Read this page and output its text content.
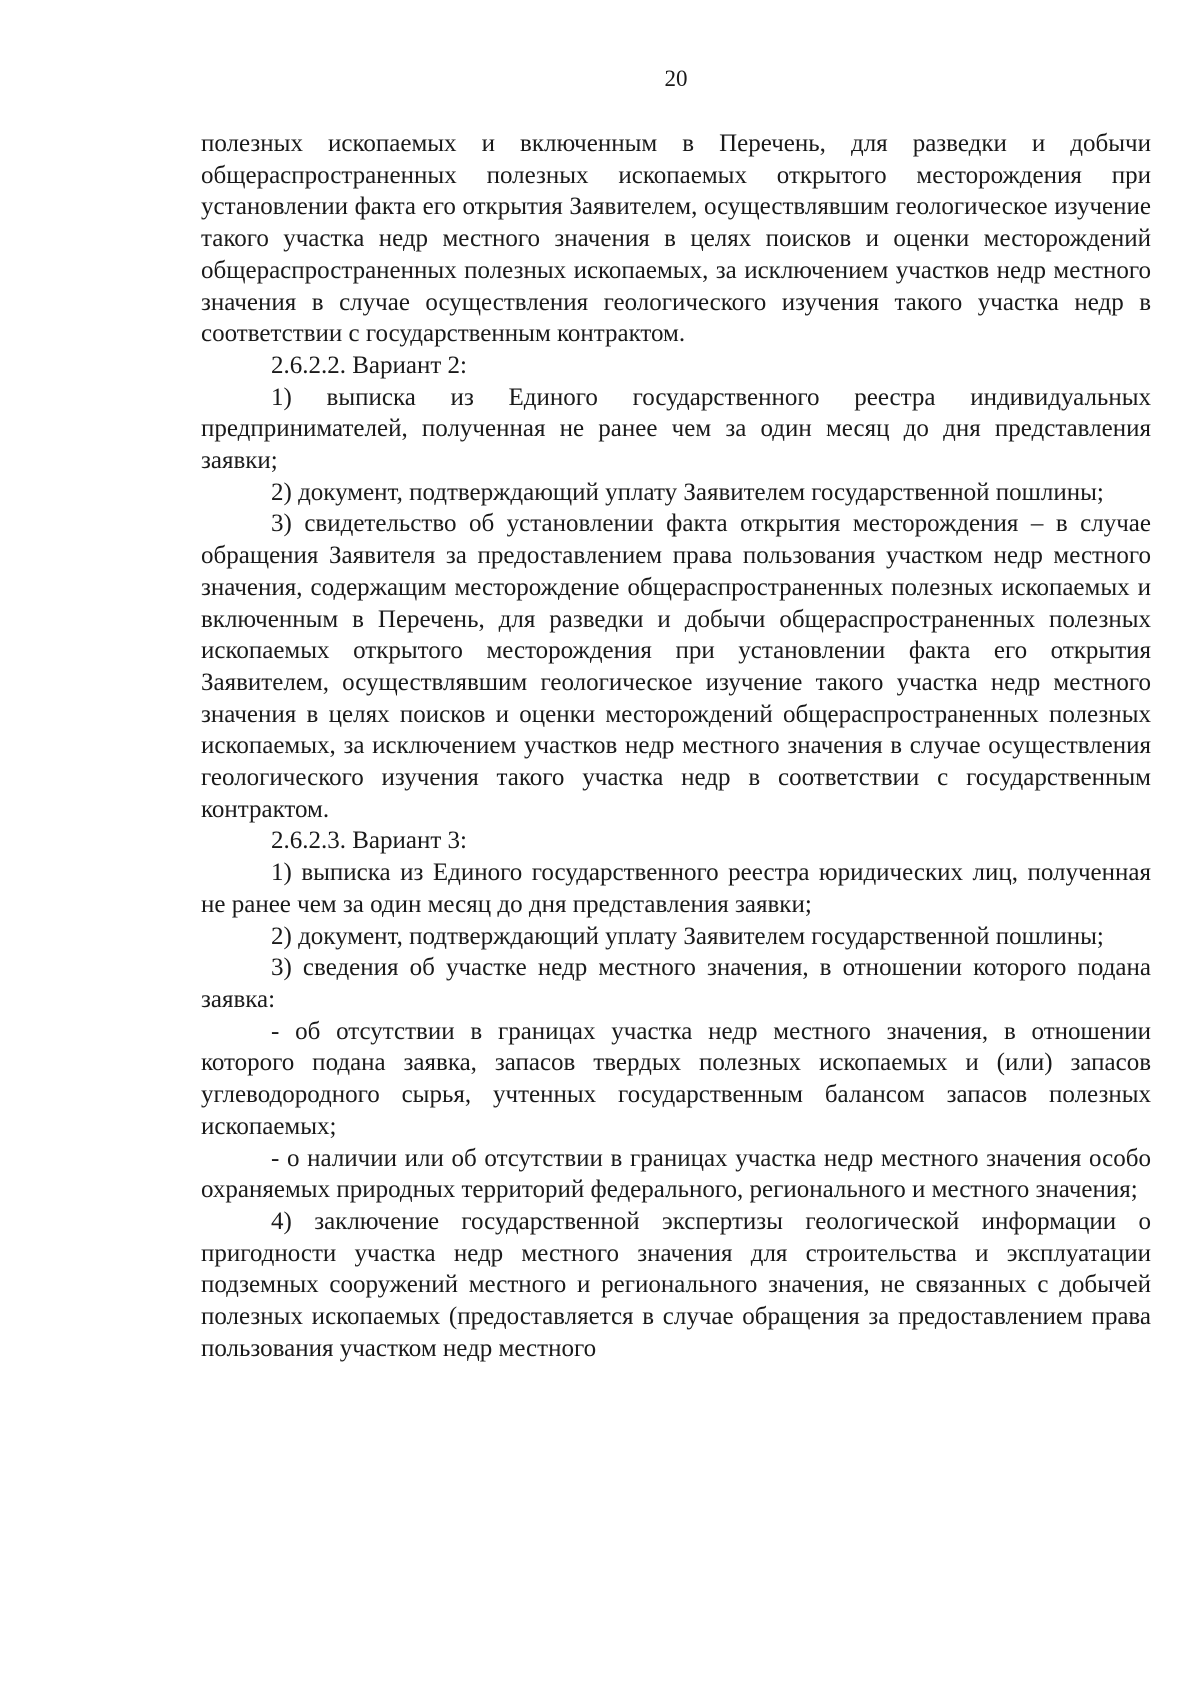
20

полезных ископаемых и включенным в Перечень, для разведки и добычи общераспространенных полезных ископаемых открытого месторождения при установлении факта его открытия Заявителем, осуществлявшим геологическое изучение такого участка недр местного значения в целях поисков и оценки месторождений общераспространенных полезных ископаемых, за исключением участков недр местного значения в случае осуществления геологического изучения такого участка недр в соответствии с государственным контрактом.

2.6.2.2. Вариант 2:

1) выписка из Единого государственного реестра индивидуальных предпринимателей, полученная не ранее чем за один месяц до дня представления заявки;

2) документ, подтверждающий уплату Заявителем государственной пошлины;

3) свидетельство об установлении факта открытия месторождения – в случае обращения Заявителя за предоставлением права пользования участком недр местного значения, содержащим месторождение общераспространенных полезных ископаемых и включенным в Перечень, для разведки и добычи общераспространенных полезных ископаемых открытого месторождения при установлении факта его открытия Заявителем, осуществлявшим геологическое изучение такого участка недр местного значения в целях поисков и оценки месторождений общераспространенных полезных ископаемых, за исключением участков недр местного значения в случае осуществления геологического изучения такого участка недр в соответствии с государственным контрактом.

2.6.2.3. Вариант 3:

1) выписка из Единого государственного реестра юридических лиц, полученная не ранее чем за один месяц до дня представления заявки;

2) документ, подтверждающий уплату Заявителем государственной пошлины;

3) сведения об участке недр местного значения, в отношении которого подана заявка:

- об отсутствии в границах участка недр местного значения, в отношении которого подана заявка, запасов твердых полезных ископаемых и (или) запасов углеводородного сырья, учтенных государственным балансом запасов полезных ископаемых;

- о наличии или об отсутствии в границах участка недр местного значения особо охраняемых природных территорий федерального, регионального и местного значения;

4) заключение государственной экспертизы геологической информации о пригодности участка недр местного значения для строительства и эксплуатации подземных сооружений местного и регионального значения, не связанных с добычей полезных ископаемых (предоставляется в случае обращения за предоставлением права пользования участком недр местного
